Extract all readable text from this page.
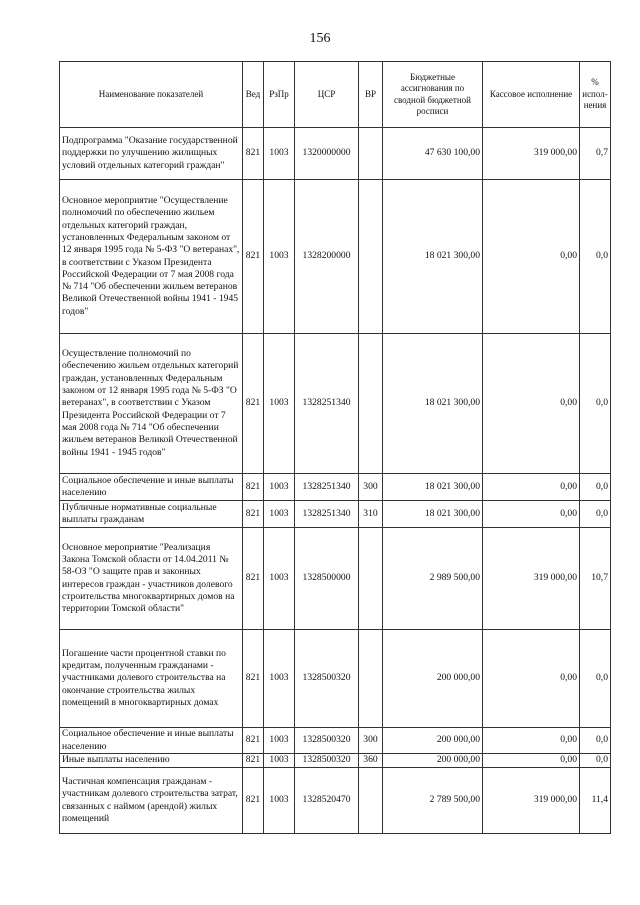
156
Наименование показателей	Вед	РзПр	ЦСР	ВР	Бюджетные ассигнования по сводной бюджетной росписи	Кассовое исполнение	% испол-нения
Подпрограмма "Оказание государственной поддержки по улучшению жилищных условий отдельных категорий граждан"	821	1003	1320000000		47 630 100,00	319 000,00	0,7
Основное мероприятие "Осуществление полномочий по обеспечению жильем отдельных категорий граждан, установленных Федеральным законом от 12 января 1995 года № 5-ФЗ "О ветеранах", в соответствии с Указом Президента Российской Федерации от 7 мая 2008 года № 714 "Об обеспечении жильем ветеранов Великой Отечественной войны 1941 - 1945 годов"	821	1003	1328200000		18 021 300,00	0,00	0,0
Осуществление полномочий по обеспечению жильем отдельных категорий граждан, установленных Федеральным законом от 12 января 1995 года № 5-ФЗ "О ветеранах", в соответствии с Указом Президента Российской Федерации от 7 мая 2008 года № 714 "Об обеспечении жильем ветеранов Великой Отечественной войны 1941 - 1945 годов"	821	1003	1328251340		18 021 300,00	0,00	0,0
Социальное обеспечение и иные выплаты населению	821	1003	1328251340	300	18 021 300,00	0,00	0,0
Публичные нормативные социальные выплаты гражданам	821	1003	1328251340	310	18 021 300,00	0,00	0,0
Основное мероприятие "Реализация Закона Томской области от 14.04.2011 № 58-ОЗ "О защите прав и законных интересов граждан - участников долевого строительства многоквартирных домов на территории Томской области"	821	1003	1328500000		2 989 500,00	319 000,00	10,7
Погашение части процентной ставки по кредитам, полученным гражданами - участниками долевого строительства на окончание строительства жилых помещений в многоквартирных домах	821	1003	1328500320		200 000,00	0,00	0,0
Социальное обеспечение и иные выплаты населению	821	1003	1328500320	300	200 000,00	0,00	0,0
Иные выплаты населению	821	1003	1328500320	360	200 000,00	0,00	0,0
Частичная компенсация гражданам - участникам долевого строительства затрат, связанных с наймом (арендой) жилых помещений	821	1003	1328520470		2 789 500,00	319 000,00	11,4
